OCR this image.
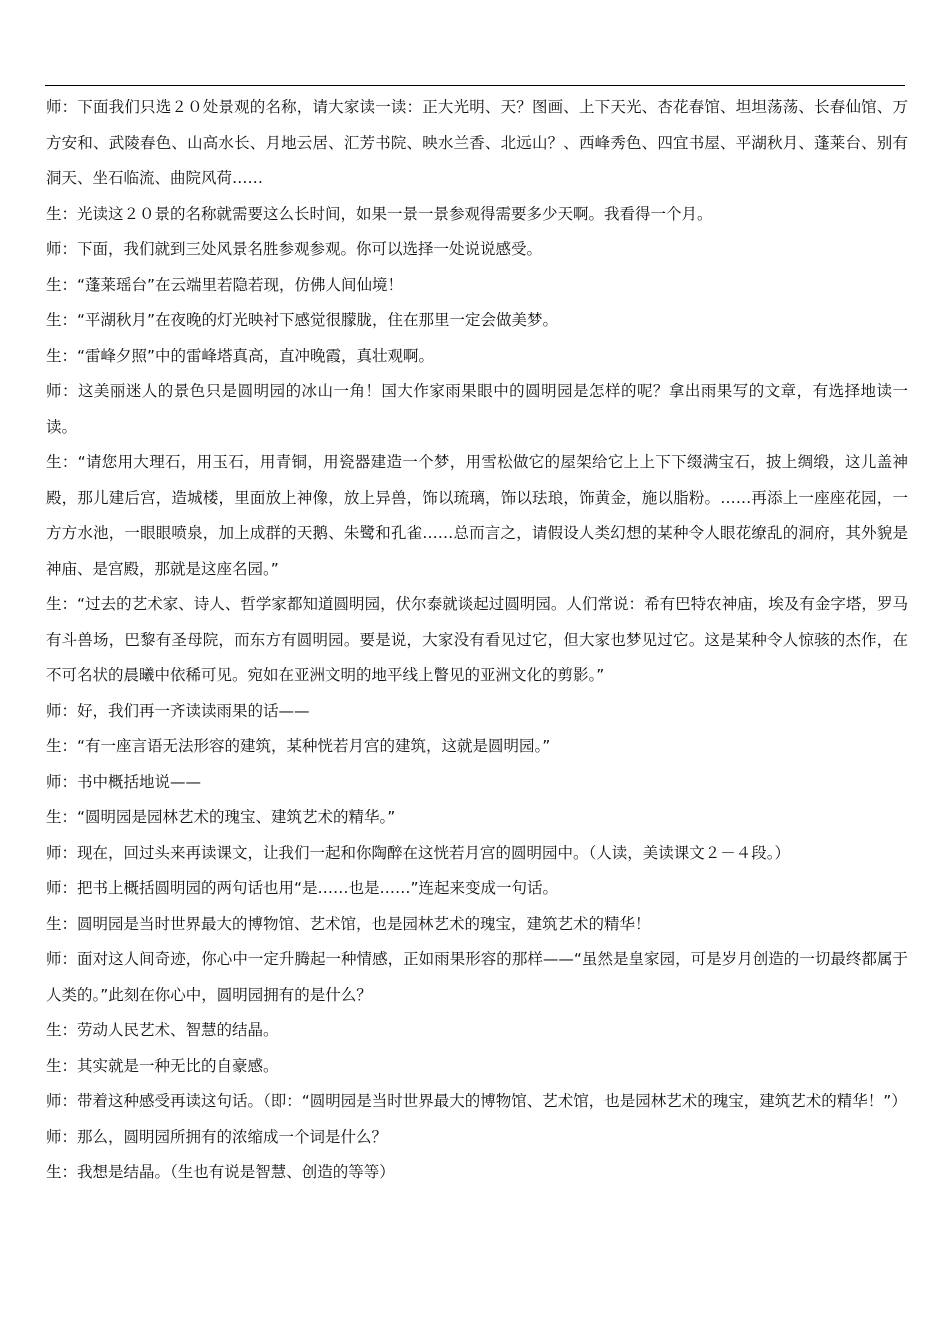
师：下面我们只选２０处景观的名称，请大家读一读：正大光明、天？图画、上下天光、杏花春馆、坦坦荡荡、长春仙馆、万方安和、武陵春色、山高水长、月地云居、汇芳书院、映水兰香、北远山？、西峰秀色、四宜书屋、平湖秋月、蓬莱台、别有洞天、坐石临流、曲院风荷……

生：光读这２０景的名称就需要这么长时间，如果一景一景参观得需要多少天啊。我看得一个月。

师：下面，我们就到三处风景名胜参观参观。你可以选择一处说说感受。

生：“蓬莱瑶台”在云端里若隐若现，仿佛人间仙境！

生：“平湖秋月”在夜晚的灯光映衬下感觉很朦胧，住在那里一定会做美梦。

生：“雷峰夕照”中的雷峰塔真高，直冲晚霞，真壮观啊。

师：这美丽迷人的景色只是圆明园的冰山一角！国大作家雨果眼中的圆明园是怎样的呢？拿出雨果写的文章，有选择地读一读。

生：“请您用大理石，用玉石，用青铜，用瓷器建造一个梦，用雪松做它的屋架给它上上下下缀满宝石，披上绸缎，这儿盖神殿，那儿建后宫，造城楼，里面放上神像，放上异兽，饰以琉璃，饰以珐琅，饰黄金，施以脂粉。……再添上一座座花园，一方方水池，一眼眼喷泉，加上成群的天鹅、朱鹭和孔雀……总而言之，请假设人类幻想的某种令人眼花缭乱的洞府，其外貌是神庙、是宫殿，那就是这座名园。”

生：“过去的艺术家、诗人、哲学家都知道圆明园，伏尔泰就谈起过圆明园。人们常说：希有巴特农神庙，埃及有金字塔，罗马有斗兽场，巴黎有圣母院，而东方有圆明园。要是说，大家没有看见过它，但大家也梦见过它。这是某种令人惊骇的杰作，在不可名状的晨曦中依稀可见。宛如在亚洲文明的地平线上瞥见的亚洲文化的剪影。”

师：好，我们再一齐读读雨果的话——

生：“有一座言语无法形容的建筑，某种恍若月宫的建筑，这就是圆明园。”

师：书中概括地说——

生：“圆明园是园林艺术的瑰宝、建筑艺术的精华。”

师：现在，回过头来再读课文，让我们一起和你陶醉在这恍若月宫的圆明园中。（人读，美读课文２－４段。）

师：把书上概括圆明园的两句话也用“是……也是……”连起来变成一句话。

生：圆明园是当时世界最大的博物馆、艺术馆，也是园林艺术的瑰宝，建筑艺术的精华！

师：面对这人间奇迹，你心中一定升腾起一种情感，正如雨果形容的那样——“虽然是皇家园，可是岁月创造的一切最终都属于人类的。”此刻在你心中，圆明园拥有的是什么？

生：劳动人民艺术、智慧的结晶。

生：其实就是一种无比的自豪感。

师：带着这种感受再读这句话。（即：“圆明园是当时世界最大的博物馆、艺术馆，也是园林艺术的瑰宝，建筑艺术的精华！”）

师：那么，圆明园所拥有的浓缩成一个词是什么？

生：我想是结晶。（生也有说是智慧、创造的等等）
